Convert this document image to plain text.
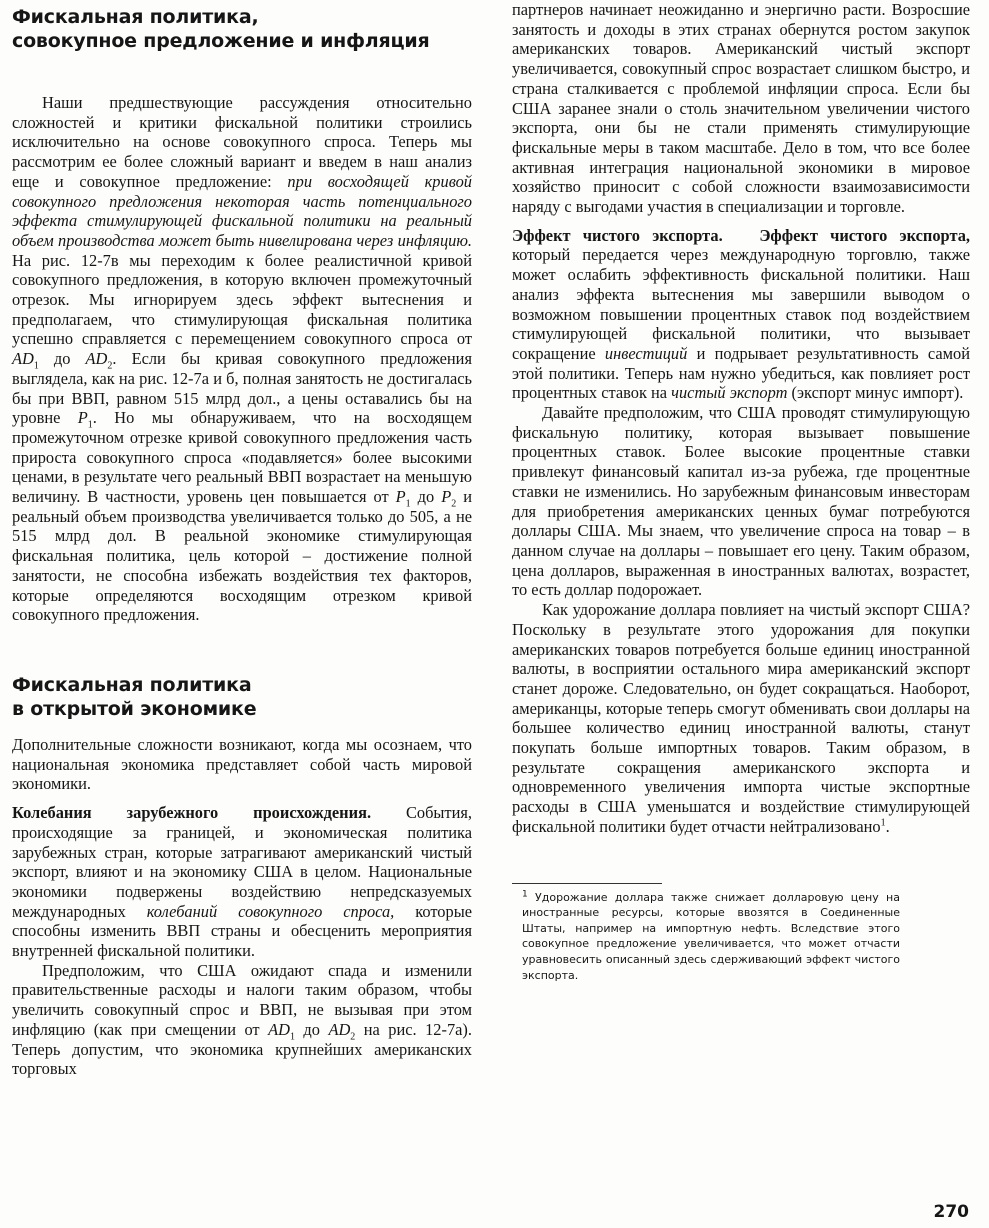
Фискальная политика,
совокупное предложение и инфляция

Наши предшествующие рассуждения относительно сложностей и критики фискальной политики строились исключительно на основе совокупного спроса. Теперь мы рассмотрим ее более сложный вариант и введем в наш анализ еще и совокупное предложение: при восходящей кривой совокупного предложения некоторая часть потенциального эффекта стимулирующей фискальной политики на реальный объем производства может быть нивелирована через инфляцию. На рис. 12-7в мы переходим к более реалистичной кривой совокупного предложения, в которую включен промежуточный отрезок. Мы игнорируем здесь эффект вытеснения и предполагаем, что стимулирующая фискальная политика успешно справляется с перемещением совокупного спроса от $AD_1$ до $AD_2$. Если бы кривая совокупного предложения выглядела, как на рис. 12-7а и б, полная занятость не достигалась бы при ВВП, равном 515 млрд дол., а цены оставались бы на уровне $P_1$. Но мы обнаруживаем, что на восходящем промежуточном отрезке кривой совокупного предложения часть прироста совокупного спроса «подавляется» более высокими ценами, в результате чего реальный ВВП возрастает на меньшую величину. В частности, уровень цен повышается от $P_1$ до $P_2$ и реальный объем производства увеличивается только до 505, а не 515 млрд дол. В реальной экономике стимулирующая фискальная политика, цель которой – достижение полной занятости, не способна избежать воздействия тех факторов, которые определяются восходящим отрезком кривой совокупного предложения.

Фискальная политика
в открытой экономике

Дополнительные сложности возникают, когда мы осознаем, что национальная экономика представляет собой часть мировой экономики.

Колебания зарубежного происхождения. События, происходящие за границей, и экономическая политика зарубежных стран, которые затрагивают американский чистый экспорт, влияют и на экономику США в целом. Национальные экономики подвержены воздействию непредсказуемых международных колебаний совокупного спроса, которые способны изменить ВВП страны и обесценить мероприятия внутренней фискальной политики.

Предположим, что США ожидают спада и изменили правительственные расходы и налоги таким образом, чтобы увеличить совокупный спрос и ВВП, не вызывая при этом инфляцию (как при смещении от $AD_1$ до $AD_2$ на рис. 12-7а). Теперь допустим, что экономика крупнейших американских торговых

партнеров начинает неожиданно и энергично расти. Возросшие занятость и доходы в этих странах обернутся ростом закупок американских товаров. Американский чистый экспорт увеличивается, совокупный спрос возрастает слишком быстро, и страна сталкивается с проблемой инфляции спроса. Если бы США заранее знали о столь значительном увеличении чистого экспорта, они бы не стали применять стимулирующие фискальные меры в таком масштабе. Дело в том, что все более активная интеграция национальной экономики в мировое хозяйство приносит с собой сложности взаимозависимости наряду с выгодами участия в специализации и торговле.

Эффект чистого экспорта. Эффект чистого экспорта, который передается через международную торговлю, также может ослабить эффективность фискальной политики. Наш анализ эффекта вытеснения мы завершили выводом о возможном повышении процентных ставок под воздействием стимулирующей фискальной политики, что вызывает сокращение инвестиций и подрывает результативность самой этой политики. Теперь нам нужно убедиться, как повлияет рост процентных ставок на чистый экспорт (экспорт минус импорт).

Давайте предположим, что США проводят стимулирующую фискальную политику, которая вызывает повышение процентных ставок. Более высокие процентные ставки привлекут финансовый капитал из-за рубежа, где процентные ставки не изменились. Но зарубежным финансовым инвесторам для приобретения американских ценных бумаг потребуются доллары США. Мы знаем, что увеличение спроса на товар – в данном случае на доллары – повышает его цену. Таким образом, цена долларов, выраженная в иностранных валютах, возрастет, то есть доллар подорожает.

Как удорожание доллара повлияет на чистый экспорт США? Поскольку в результате этого удорожания для покупки американских товаров потребуется больше единиц иностранной валюты, в восприятии остального мира американский экспорт станет дороже. Следовательно, он будет сокращаться. Наоборот, американцы, которые теперь смогут обменивать свои доллары на большее количество единиц иностранной валюты, станут покупать больше импортных товаров. Таким образом, в результате сокращения американского экспорта и одновременного увеличения импорта чистые экспортные расходы в США уменьшатся и воздействие стимулирующей фискальной политики будет отчасти нейтрализовано$^1$.

$^1$ Удорожание доллара также снижает долларовую цену на иностранные ресурсы, которые ввозятся в Соединенные Штаты, например на импортную нефть. Вследствие этого совокупное предложение увеличивается, что может отчасти уравновесить описанный здесь сдерживающий эффект чистого экспорта.

270
